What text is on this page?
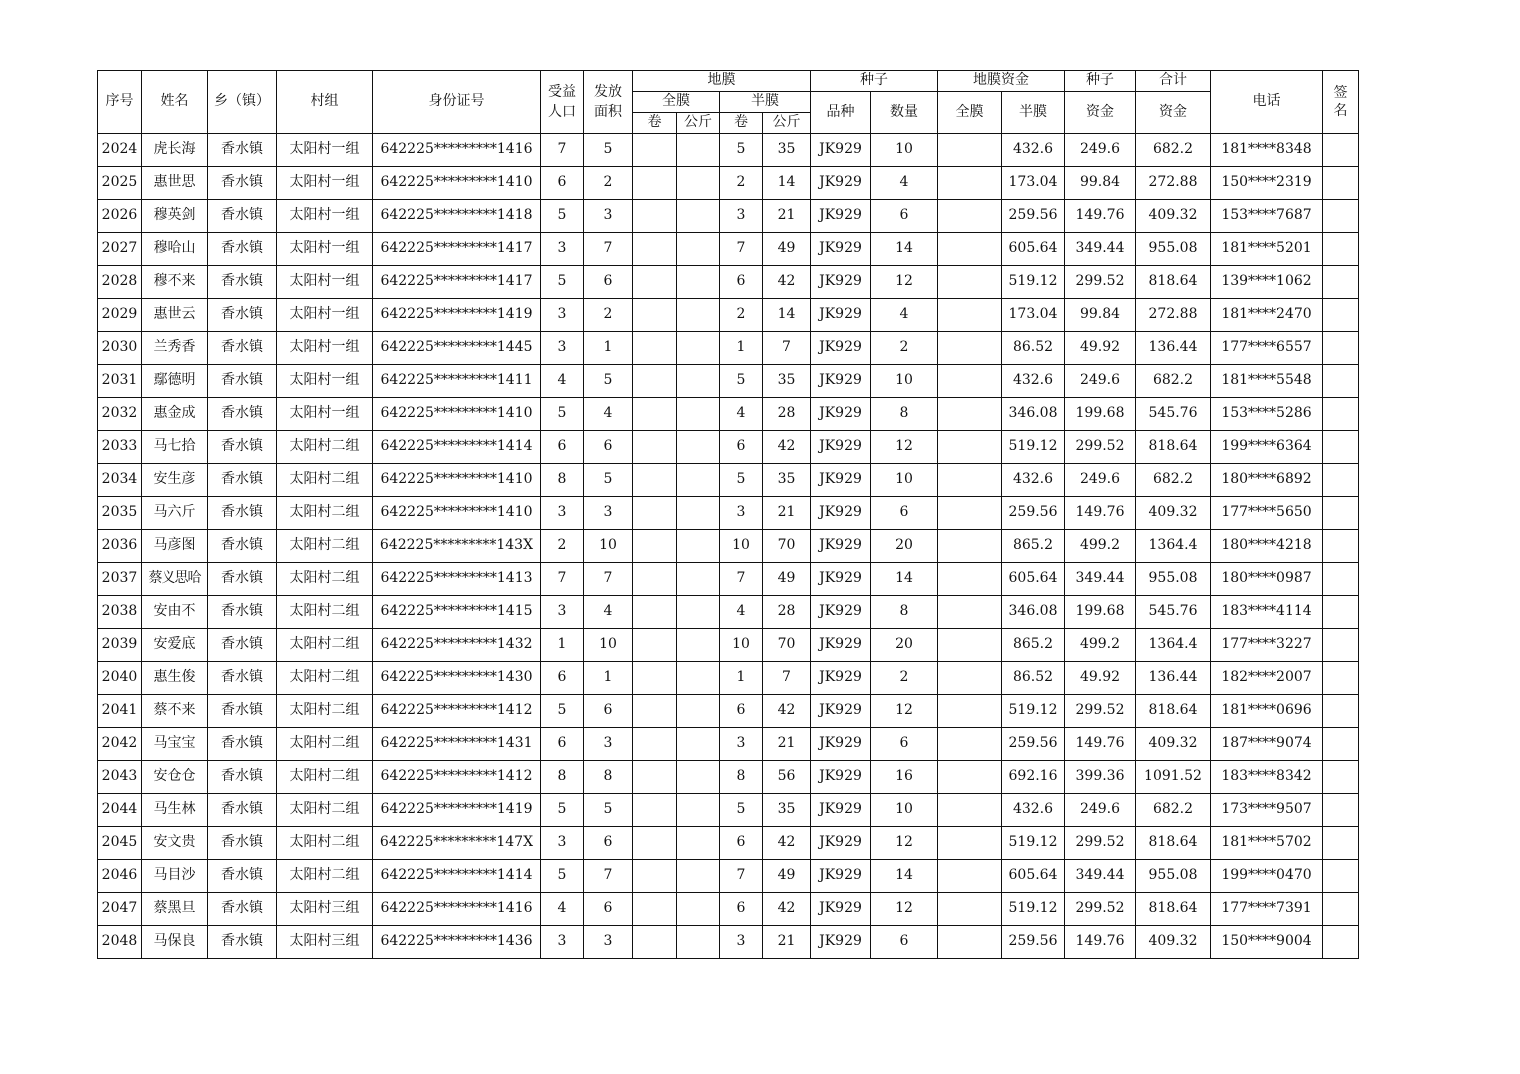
序号	姓名	乡（镇）	村组	身份证号	受益人口	发放面积	地膜				种子		地膜资金		种子	合计	电话	签名
							全膜		半膜		品种	数量	全膜	半膜	资金	资金		
							卷	公斤	卷	公斤								
2024	虎长海	香水镇	太阳村一组	642225*********1416	7	5			5	35	JK929	10		432.6	249.6	682.2	181****8348	
2025	惠世思	香水镇	太阳村一组	642225*********1410	6	2			2	14	JK929	4		173.04	99.84	272.88	150****2319	
2026	穆英剑	香水镇	太阳村一组	642225*********1418	5	3			3	21	JK929	6		259.56	149.76	409.32	153****7687	
2027	穆哈山	香水镇	太阳村一组	642225*********1417	3	7			7	49	JK929	14		605.64	349.44	955.08	181****5201	
2028	穆不来	香水镇	太阳村一组	642225*********1417	5	6			6	42	JK929	12		519.12	299.52	818.64	139****1062	
2029	惠世云	香水镇	太阳村一组	642225*********1419	3	2			2	14	JK929	4		173.04	99.84	272.88	181****2470	
2030	兰秀香	香水镇	太阳村一组	642225*********1445	3	1			1	7	JK929	2		86.52	49.92	136.44	177****6557	
2031	鄢德明	香水镇	太阳村一组	642225*********1411	4	5			5	35	JK929	10		432.6	249.6	682.2	181****5548	
2032	惠金成	香水镇	太阳村一组	642225*********1410	5	4			4	28	JK929	8		346.08	199.68	545.76	153****5286	
2033	马七拾	香水镇	太阳村二组	642225*********1414	6	6			6	42	JK929	12		519.12	299.52	818.64	199****6364	
2034	安生彦	香水镇	太阳村二组	642225*********1410	8	5			5	35	JK929	10		432.6	249.6	682.2	180****6892	
2035	马六斤	香水镇	太阳村二组	642225*********1410	3	3			3	21	JK929	6		259.56	149.76	409.32	177****5650	
2036	马彦图	香水镇	太阳村二组	642225*********143X	2	10			10	70	JK929	20		865.2	499.2	1364.4	180****4218	
2037	蔡义思哈	香水镇	太阳村二组	642225*********1413	7	7			7	49	JK929	14		605.64	349.44	955.08	180****0987	
2038	安由不	香水镇	太阳村二组	642225*********1415	3	4			4	28	JK929	8		346.08	199.68	545.76	183****4114	
2039	安爱底	香水镇	太阳村二组	642225*********1432	1	10			10	70	JK929	20		865.2	499.2	1364.4	177****3227	
2040	惠生俊	香水镇	太阳村二组	642225*********1430	6	1			1	7	JK929	2		86.52	49.92	136.44	182****2007	
2041	蔡不来	香水镇	太阳村二组	642225*********1412	5	6			6	42	JK929	12		519.12	299.52	818.64	181****0696	
2042	马宝宝	香水镇	太阳村二组	642225*********1431	6	3			3	21	JK929	6		259.56	149.76	409.32	187****9074	
2043	安仓仓	香水镇	太阳村二组	642225*********1412	8	8			8	56	JK929	16		692.16	399.36	1091.52	183****8342	
2044	马生林	香水镇	太阳村二组	642225*********1419	5	5			5	35	JK929	10		432.6	249.6	682.2	173****9507	
2045	安文贵	香水镇	太阳村二组	642225*********147X	3	6			6	42	JK929	12		519.12	299.52	818.64	181****5702	
2046	马目沙	香水镇	太阳村二组	642225*********1414	5	7			7	49	JK929	14		605.64	349.44	955.08	199****0470	
2047	蔡黑旦	香水镇	太阳村三组	642225*********1416	4	6			6	42	JK929	12		519.12	299.52	818.64	177****7391	
2048	马保良	香水镇	太阳村三组	642225*********1436	3	3			3	21	JK929	6		259.56	149.76	409.32	150****9004	
